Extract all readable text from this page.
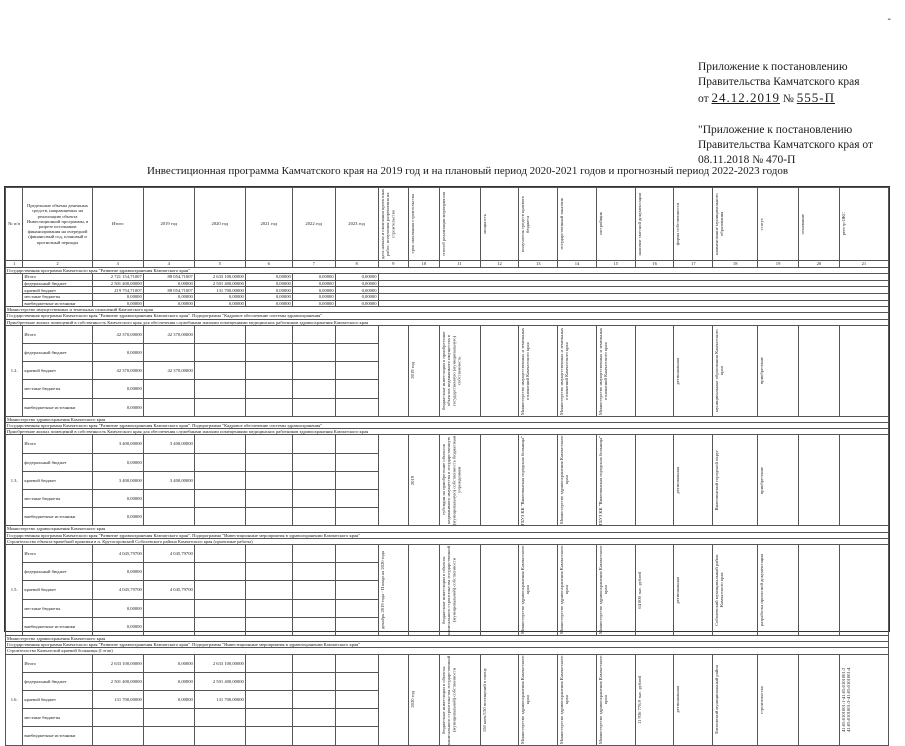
-

Приложение к постановлению

Правительства Камчатского края

от 24.12.2019 № 555-П

"Приложение к постановлению

Правительства Камчатского края от

08.11.2018 № 470-П

Инвестиционная программа Камчатского края на 2019 год и на плановый период 2020-2021 годов и прогнозный период 2022-2023 годов
№ п/п	Предельные объемы денежных средств, направляемых на реализацию объекта Инвестиционной программы, в разрезе источников финансирования на очередной (финансовый год, плановый и прогнозный периоды	Итого	2019 год	2020 год	2021 год	2022 год	2023 год	дата начала и окончания проектных работ, получения разрешения на строительство	срок окончания строительства	способ реализации мероприятия	мощность	получатель средств краевого бюджета	государственный заказчик	застройщик	наличие сметной документации	форма собственности	наименование муниципального образования	статус	основание	реестр ОКС

1	2	3	4	5	6	7	8	9	10	11	12	13	14	15	16	17	18	19	20	21
Государственная программа Камчатского края "Развитие здравоохранения Камчатского края"																				
	Итого	2 721 154,71007	88 054,71007	2 633 100,00000	0,00000	0,00000	0,00000													
	федеральный бюджет	2 501 400,00000	0,00000	2 501 400,00000	0,00000	0,00000	0,00000													
	краевой бюджет	219 754,71007	88 054,71007	131 700,00000	0,00000	0,00000	0,00000													
	местные бюджеты	0,00000	0,00000	0,00000	0,00000	0,00000	0,00000													
	внебюджетные источники	0,00000	0,00000	0,00000	0,00000	0,00000	0,00000													
Министерство имущественных и земельных отношений Камчатского края																				
Государственная программа Камчатского края "Развитие здравоохранения Камчатского края". Подпрограмма "Кадровое обеспечение системы здравоохранения"																				
Приобретение жилых помещений в собственность Камчатского края для обеспечения служебными жилыми помещениями медицинских работников здравоохранения Камчатского края																				
1.2.	Итого	42 370,00000	42 370,00000						2019 год	бюджетные инвестиции в приобретение объектов недвижимого имущества в государственную (муниципальную) собственность		Министерство имущественных и земельных отношений Камчатского края	Министерство имущественных и земельных отношений Камчатского края	Министерство имущественных и земельных отношений Камчатского края		региональная	муниципальные образования Камчатского края	приобретение		

	федеральный бюджет	0,00000																		
	краевой бюджет	42 370,00000	42 370,00000																	
	местные бюджеты	0,00000																		
	внебюджетные источники	0,00000																		
Министерство здравоохранения Камчатского края																				
Государственная программа Камчатского края "Развитие здравоохранения Камчатского края". Подпрограмма "Кадровое обеспечение системы здравоохранения"																				
Приобретение жилых помещений в собственность Камчатского края для обеспечения служебными жилыми помещениями медицинских работников здравоохранения Камчатского края																				
1.3.	Итого	3 400,00000	3 400,00000						2019	субсидии на приобретение объектов недвижимого имущества в государственную (муниципальную) собственность бюджетным учреждениям		ГБУЗ КК "Вилючинская городская больница"	Министерство здравоохранения Камчатского края	ГБУЗ КК "Вилючинская городская больница"		региональная	Вилючинский городской округ	приобретение		

	федеральный бюджет	0,00000																		
	краевой бюджет	3 400,00000	3 400,00000																	
	местные бюджеты	0,00000																		
	внебюджетные источники	0,00000																		
Министерство здравоохранения Камчатского края																				
Государственная программа Камчатского края "Развитие здравоохранения Камчатского края". Подпрограмма "Инвестиционные мероприятия в здравоохранении Камчатского края"																				
Строительство объекта врачебной практики в п. Крутогоровский Соболевского района Камчатского края (проектные работы)																				
1.5.	Итого	4 045,79700	4 045,79700					декабрь 2019 года - II квартал 2020 года		бюджетные инвестиции в объекты капитального строительства государственной (муниципальной) собственности		Министерство здравоохранения Камчатского края	Министерство здравоохранения Камчатского края	Министерство здравоохранения Камчатского края	64 000 тыс. рублей	региональная	Соболевский муниципальный район Камчатского края	разработка проектной документации		

	федеральный бюджет	0,00000																		
	краевой бюджет	4 045,79700	4 045,79700																	
	местные бюджеты	0,00000																		
	внебюджетные источники	0,00000																		
Министерство здравоохранения Камчатского края																				
Государственная программа Камчатского края "Развитие здравоохранения Камчатского края". Подпрограмма "Инвестиционные мероприятия в здравоохранении Камчатского края"																				
Строительство Камчатской краевой больницы (I этап)																				
1.6.	Итого	2 633 100,00000	0,00000	2 633 100,00000					2020 год	бюджетные инвестиции в объекты капитального строительства государственной (муниципальной) собственности	150 коек/150 посещений в смену	Министерство здравоохранения Камчатского края	Министерство здравоохранения Камчатского края	Министерство здравоохранения Камчатского края	11 936 778,9 тыс. рублей	региональная	Елизовский муниципальный район	строительство		41:05:0101001:1-41:05:0101001:2 41:05:0101001:3-41:05:0101001:4

	федеральный бюджет	2 501 400,00000	0,00000	2 501 400,00000																
	краевой бюджет	131 700,00000	0,00000	131 700,00000																
	местные бюджеты																			
	внебюджетные источники																			
